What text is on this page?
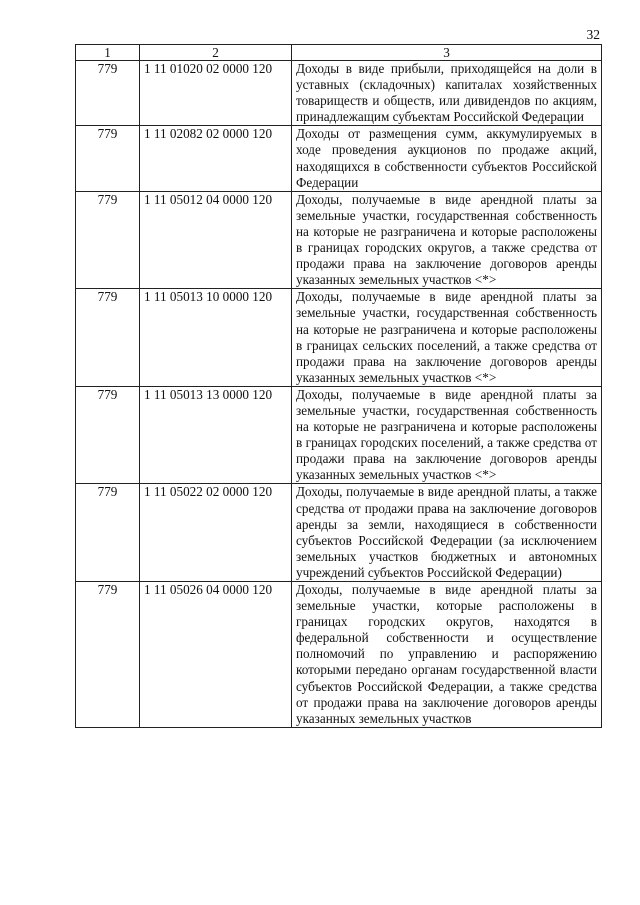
32
1	2	3
779	1 11 01020 02 0000 120	Доходы в виде прибыли, приходящейся на доли в уставных (складочных) капиталах хозяйственных товариществ и обществ, или дивидендов по акциям, принадлежащим субъектам Российской Федерации
779	1 11 02082 02 0000 120	Доходы от размещения сумм, аккумулируемых в ходе проведения аукционов по продаже акций, находящихся в собственности субъектов Российской Федерации
779	1 11 05012 04 0000 120	Доходы, получаемые в виде арендной платы за земельные участки, государственная собственность на которые не разграничена и которые расположены в границах городских округов, а также средства от продажи права на заключение договоров аренды указанных земельных участков <*>
779	1 11 05013 10 0000 120	Доходы, получаемые в виде арендной платы за земельные участки, государственная собственность на которые не разграничена и которые расположены в границах сельских поселений, а также средства от продажи права на заключение договоров аренды указанных земельных участков <*>
779	1 11 05013 13 0000 120	Доходы, получаемые в виде арендной платы за земельные участки, государственная собственность на которые не разграничена и которые расположены в границах городских поселений, а также средства от продажи права на заключение договоров аренды указанных земельных участков <*>
779	1 11 05022 02 0000 120	Доходы, получаемые в виде арендной платы, а также средства от продажи права на заключение договоров аренды за земли, находящиеся в собственности субъектов Российской Федерации (за исключением земельных участков бюджетных и автономных учреждений субъектов Российской Федерации)
779	1 11 05026 04 0000 120	Доходы, получаемые в виде арендной платы за земельные участки, которые расположены в границах городских округов, находятся в федеральной собственности и осуществление полномочий по управлению и распоряжению которыми передано органам государственной власти субъектов Российской Федерации, а также средства от продажи права на заключение договоров аренды указанных земельных участков
